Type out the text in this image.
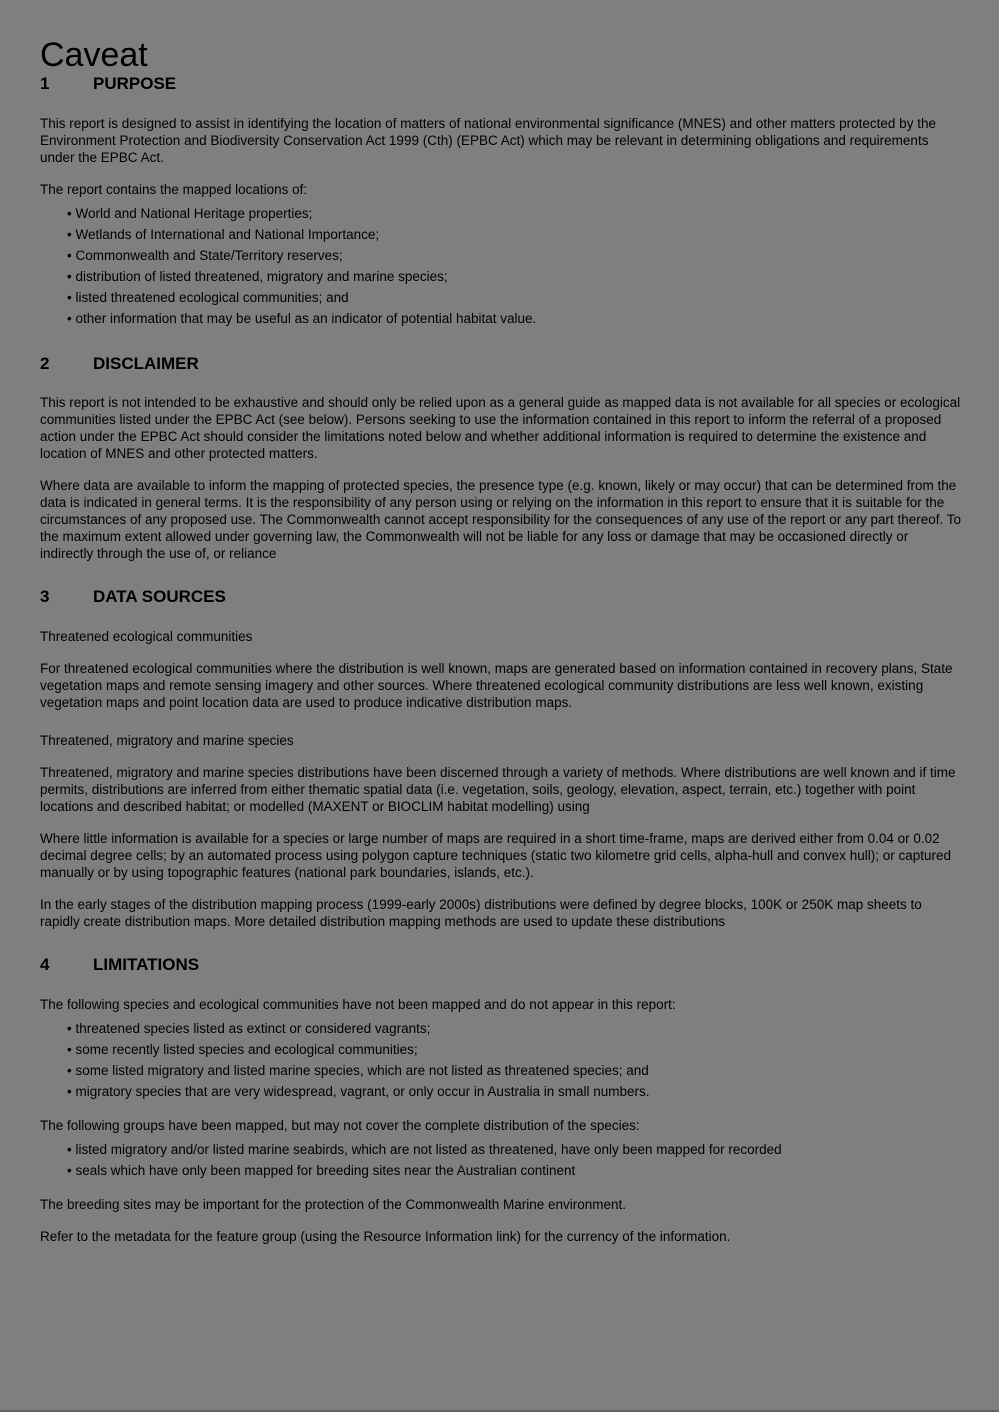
Caveat
1	PURPOSE

This report is designed to assist in identifying the location of matters of national environmental significance (MNES) and other matters protected by the Environment Protection and Biodiversity Conservation Act 1999 (Cth) (EPBC Act) which may be relevant in determining obligations and requirements under the EPBC Act.

The report contains the mapped locations of:

• World and National Heritage properties;
• Wetlands of International and National Importance;
• Commonwealth and State/Territory reserves;
• distribution of listed threatened, migratory and marine species;
• listed threatened ecological communities; and
• other information that may be useful as an indicator of potential habitat value.
2	DISCLAIMER

This report is not intended to be exhaustive and should only be relied upon as a general guide as mapped data is not available for all species or ecological communities listed under the EPBC Act (see below). Persons seeking to use the information contained in this report to inform the referral of a proposed action under the EPBC Act should consider the limitations noted below and whether additional information is required to determine the existence and location of MNES and other protected matters.

Where data are available to inform the mapping of protected species, the presence type (e.g. known, likely or may occur) that can be determined from the data is indicated in general terms. It is the responsibility of any person using or relying on the information in this report to ensure that it is suitable for the circumstances of any proposed use. The Commonwealth cannot accept responsibility for the consequences of any use of the report or any part thereof. To the maximum extent allowed under governing law, the Commonwealth will not be liable for any loss or damage that may be occasioned directly or indirectly through the use of, or reliance

3	DATA SOURCES

Threatened ecological communities

For threatened ecological communities where the distribution is well known, maps are generated based on information contained in recovery plans, State vegetation maps and remote sensing imagery and other sources. Where threatened ecological community distributions are less well known, existing vegetation maps and point location data are used to produce indicative distribution maps.

Threatened, migratory and marine species

Threatened, migratory and marine species distributions have been discerned through a variety of methods. Where distributions are well known and if time permits, distributions are inferred from either thematic spatial data (i.e. vegetation, soils, geology, elevation, aspect, terrain, etc.) together with point locations and described habitat; or modelled (MAXENT or BIOCLIM habitat modelling) using

Where little information is available for a species or large number of maps are required in a short time-frame, maps are derived either from 0.04 or 0.02 decimal degree cells; by an automated process using polygon capture techniques (static two kilometre grid cells, alpha-hull and convex hull); or captured manually or by using topographic features (national park boundaries, islands, etc.).

In the early stages of the distribution mapping process (1999-early 2000s) distributions were defined by degree blocks, 100K or 250K map sheets to rapidly create distribution maps. More detailed distribution mapping methods are used to update these distributions

4	LIMITATIONS

The following species and ecological communities have not been mapped and do not appear in this report:

• threatened species listed as extinct or considered vagrants;
• some recently listed species and ecological communities;
• some listed migratory and listed marine species, which are not listed as threatened species; and
• migratory species that are very widespread, vagrant, or only occur in Australia in small numbers.

The following groups have been mapped, but may not cover the complete distribution of the species:

• listed migratory and/or listed marine seabirds, which are not listed as threatened, have only been mapped for recorded
• seals which have only been mapped for breeding sites near the Australian continent

The breeding sites may be important for the protection of the Commonwealth Marine environment.

Refer to the metadata for the feature group (using the Resource Information link) for the currency of the information.
